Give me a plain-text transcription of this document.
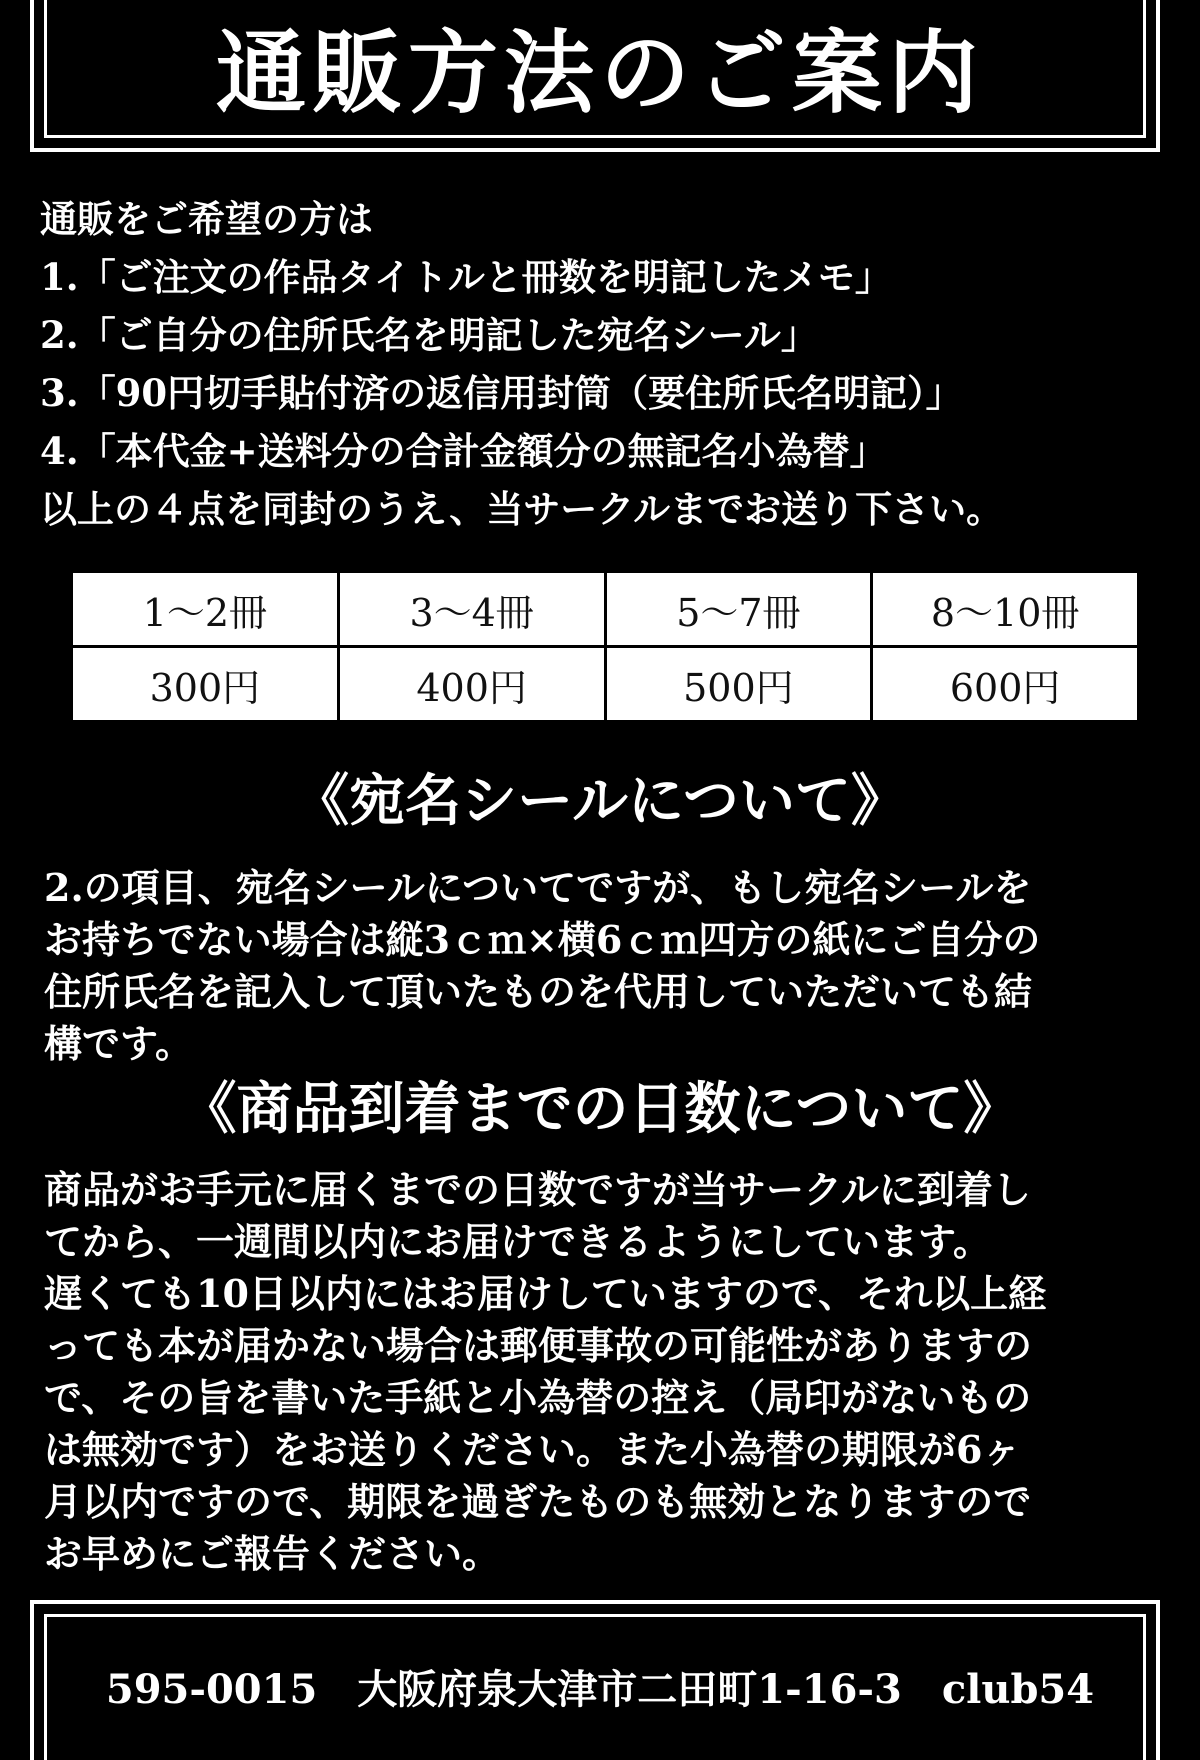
通販方法のご案内
通販をご希望の方は
1.「ご注文の作品タイトルと冊数を明記したメモ」
2.「ご自分の住所氏名を明記した宛名シール」
3.「90円切手貼付済の返信用封筒（要住所氏名明記）」
4.「本代金+送料分の合計金額分の無記名小為替」
以上の４点を同封のうえ、当サークルまでお送り下さい。
1～2冊	3～4冊	5～7冊	8～10冊
300円	400円	500円	600円
《宛名シールについて》
2.の項目、宛名シールについてですが、もし宛名シールを
お持ちでない場合は縦3ｃｍ×横6ｃｍ四方の紙にご自分の
住所氏名を記入して頂いたものを代用していただいても結
構です。
《商品到着までの日数について》
商品がお手元に届くまでの日数ですが当サークルに到着し
てから、一週間以内にお届けできるようにしています。
遅くても10日以内にはお届けしていますので、それ以上経
っても本が届かない場合は郵便事故の可能性がありますの
で、その旨を書いた手紙と小為替の控え（局印がないもの
は無効です）をお送りください。また小為替の期限が6ヶ
月以内ですので、期限を過ぎたものも無効となりますので
お早めにご報告ください。
595-0015　大阪府泉大津市二田町1-16-3　club54
